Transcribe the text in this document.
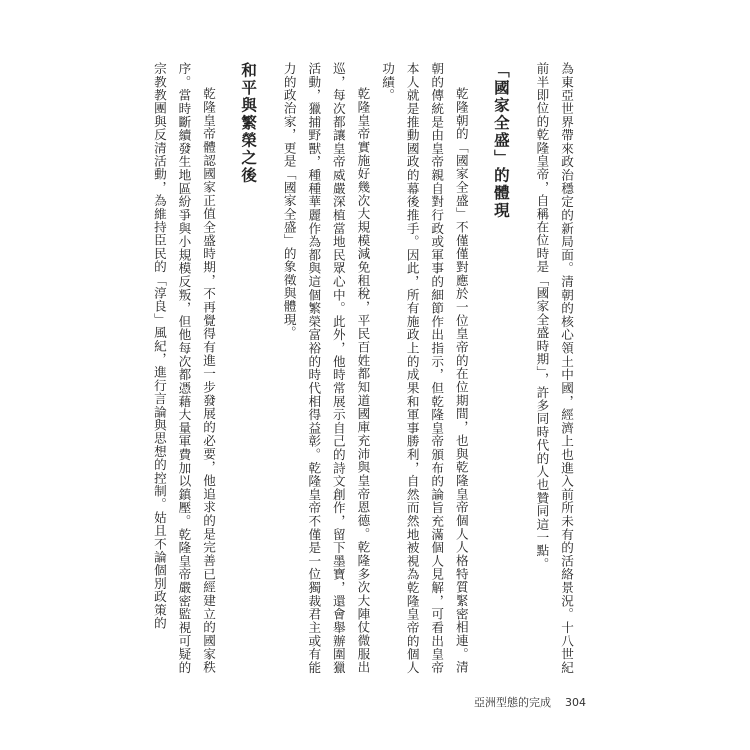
為東亞世界帶來政治穩定的新局面。清朝的核心領土中國，經濟上也進入前所未有的活絡景況。十八世紀前半即位的乾隆皇帝，自稱在位時是「國家全盛時期」，許多同時代的人也贊同這一點。

「國家全盛」的體現

乾隆朝的「國家全盛」不僅僅對應於一位皇帝的在位期間，也與乾隆皇帝個人人格特質緊密相連。清朝的傳統是由皇帝親自對行政或軍事的細節作出指示，但乾隆皇帝頒布的論旨充滿個人見解，可看出皇帝本人就是推動國政的幕後推手。因此，所有施政上的成果和軍事勝利，自然而然地被視為乾隆皇帝的個人功績。

乾隆皇帝實施好幾次大規模減免租稅，平民百姓都知道國庫充沛與皇帝恩德。乾隆多次大陣仗微服出巡，每次都讓皇帝威嚴深植當地民眾心中。此外，他時常展示自己的詩文創作，留下墨寶，還會舉辦圍獵活動，獵捕野獸，種種華麗作為都與這個繁榮富裕的時代相得益彰。乾隆皇帝不僅是一位獨裁君主或有能力的政治家，更是「國家全盛」的象徵與體現。

和平與繁榮之後

乾隆皇帝體認國家正值全盛時期，不再覺得有進一步發展的必要，他追求的是完善已經建立的國家秩序。當時斷續發生地區紛爭與小規模反叛，但他每次都憑藉大量軍費加以鎮壓。乾隆皇帝嚴密監視可疑的宗教教團與反清活動，為維持臣民的「淳良」風紀，進行言論與思想的控制。姑且不論個別政策的

亞洲型態的完成 304
